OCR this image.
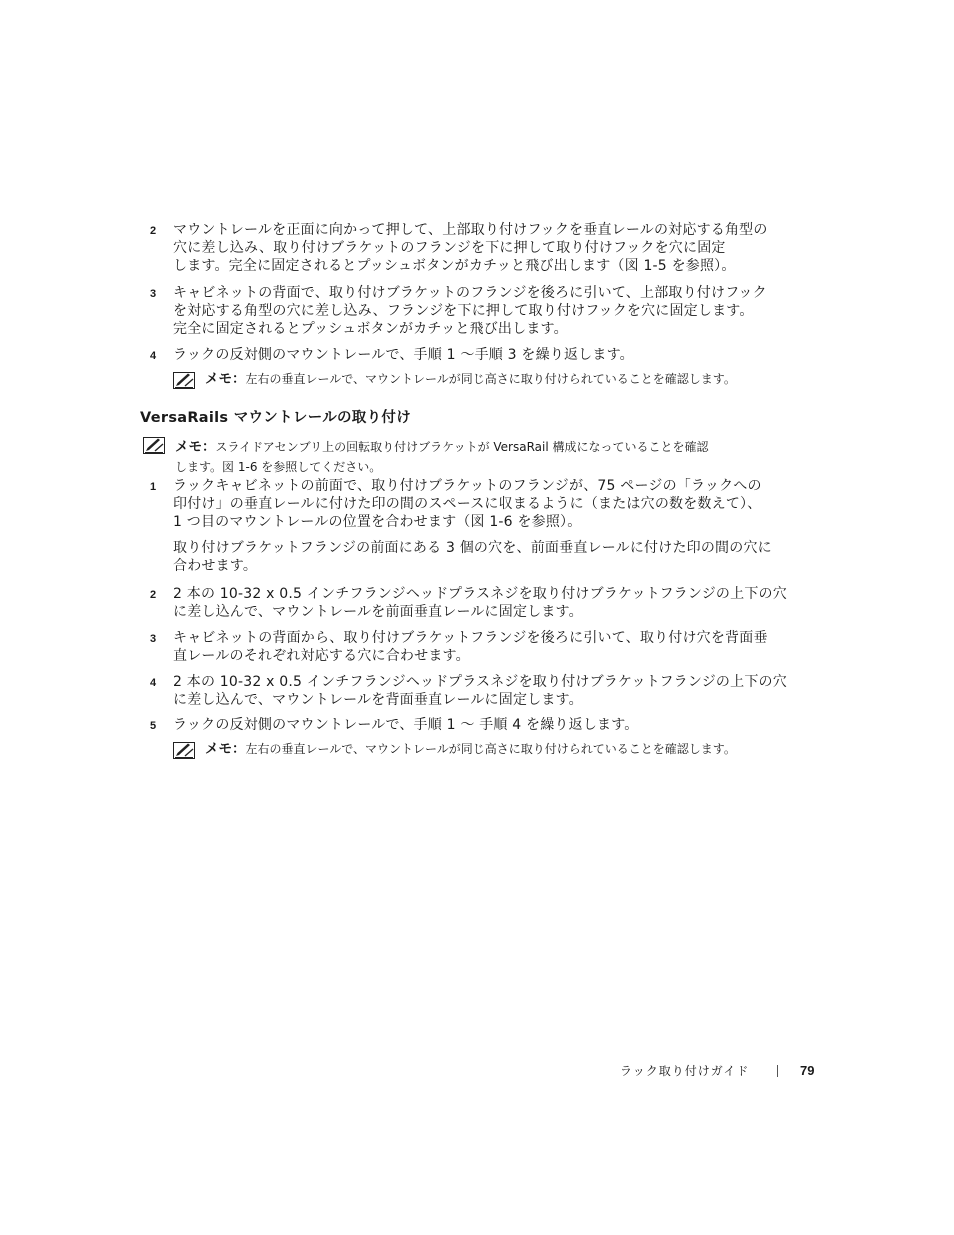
2	マウントレールを正面に向かって押して、上部取り付けフックを垂直レールの対応する角型の
穴に差し込み、取り付けブラケットのフランジを下に押して取り付けフックを穴に固定
します。完全に固定されるとプッシュボタンがカチッと飛び出します（図 1-5 を参照）。
3	キャビネットの背面で、取り付けブラケットのフランジを後ろに引いて、上部取り付けフック
を対応する角型の穴に差し込み、フランジを下に押して取り付けフックを穴に固定します。
完全に固定されるとプッシュボタンがカチッと飛び出します。
4	ラックの反対側のマウントレールで、手順 1 〜手順 3 を繰り返します。
メモ： 左右の垂直レールで、マウントレールが同じ高さに取り付けられていることを確認します。
VersaRails マウントレールの取り付け
メモ：スライドアセンブリ上の回転取り付けブラケットが VersaRail 構成になっていることを確認
します。図 1-6 を参照してください。
1	ラックキャビネットの前面で、取り付けブラケットのフランジが、75 ページの「ラックへの
印付け」の垂直レールに付けた印の間のスペースに収まるように（または穴の数を数えて）、
1 つ目のマウントレールの位置を合わせます（図 1-6 を参照）。
取り付けブラケットフランジの前面にある 3 個の穴を、前面垂直レールに付けた印の間の穴に
合わせます。
2	2 本の 10-32 x 0.5 インチフランジヘッドプラスネジを取り付けブラケットフランジの上下の穴
に差し込んで、マウントレールを前面垂直レールに固定します。
3	キャビネットの背面から、取り付けブラケットフランジを後ろに引いて、取り付け穴を背面垂
直レールのそれぞれ対応する穴に合わせます。
4	2 本の 10-32 x 0.5 インチフランジヘッドプラスネジを取り付けブラケットフランジの上下の穴
に差し込んで、マウントレールを背面垂直レールに固定します。
5	ラックの反対側のマウントレールで、手順 1 〜 手順 4 を繰り返します。
メモ： 左右の垂直レールで、マウントレールが同じ高さに取り付けられていることを確認します。
ラック取り付けガイド	79
